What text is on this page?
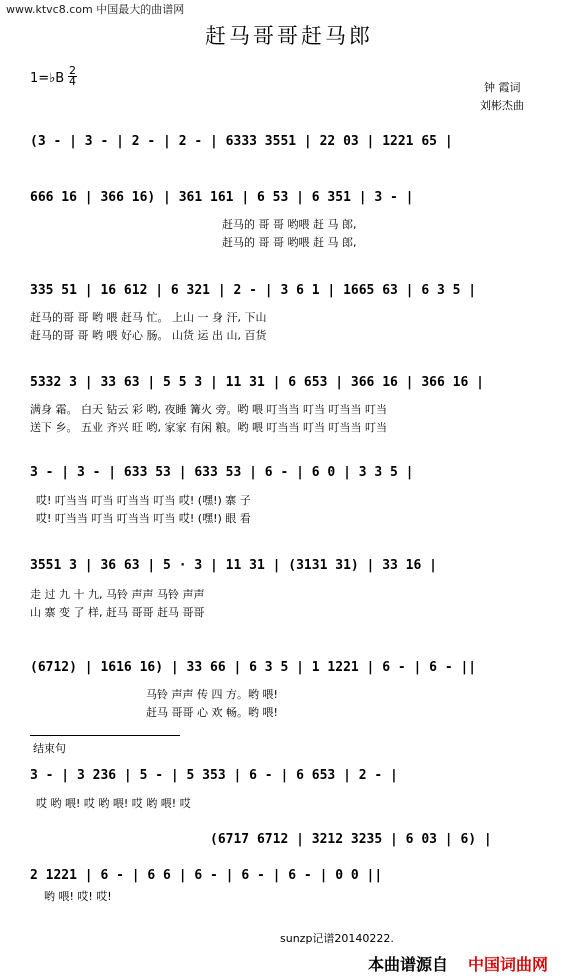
www.ktvc8.com 中国最大的曲谱网
赶马哥哥赶马郎
1=♭B
2
4	钟 霞词
刘彬杰曲
(3 - | 3 - | 2 - | 2 - | 6333 3551 | 22 03 | 1221 65 |
666 16 | 366 16) | 361 161 | 6 53 | 6 351 | 3 - |
赶马的 哥 哥 哟喂 赶 马 郎,
赶马的 哥 哥 哟喂 赶 马 郎,
335 51 | 16 612 | 6 321 | 2 - | 3 6 1 | 1665 63 | 6 3 5 |
赶马的哥 哥 哟 喂 赶马 忙。 上山 一 身 汗, 下山
赶马的哥 哥 哟 喂 好心 肠。 山货 运 出 山, 百货
5332 3 | 33 63 | 5 5 3 | 11 31 | 6 653 | 366 16 | 366 16 |
满身 霜。 白天 钻云 彩 哟, 夜睡 篝火 旁。哟 喂 叮当当 叮当 叮当当 叮当
送下 乡。 五业 齐兴 旺 哟, 家家 有闲 粮。哟 喂 叮当当 叮当 叮当当 叮当
3 - | 3 - | 633 53 | 633 53 | 6 - | 6 0 | 3 3 5 |
哎! 叮当当 叮当 叮当当 叮当 哎! (嘿!) 寨 子
哎! 叮当当 叮当 叮当当 叮当 哎! (嘿!) 眼 看
3551 3 | 36 63 | 5 · 3 | 11 31 | (3131 31) | 33 16 |
走 过 九 十 九, 马铃 声声 马铃 声声
山 寨 变 了 样, 赶马 哥哥 赶马 哥哥
(6712) | 1616 16) | 33 66 | 6 3 5 | 1 1221 | 6 - | 6 - ||
马铃 声声 传 四 方。哟 喂!
赶马 哥哥 心 欢 畅。哟 喂!
结束句
3 - | 3 236 | 5 - | 5 353 | 6 - | 6 653 | 2 - |
哎 哟 喂! 哎 哟 喂! 哎 哟 喂! 哎
(6717 6712 | 3212 3235 | 6 03 | 6) |
2 1221 | 6 - | 6 6 | 6 - | 6 - | 6 - | 0 0 ||
哟 喂! 哎! 哎!
sunzp记谱20140222.
本曲谱源自 中国词曲网
